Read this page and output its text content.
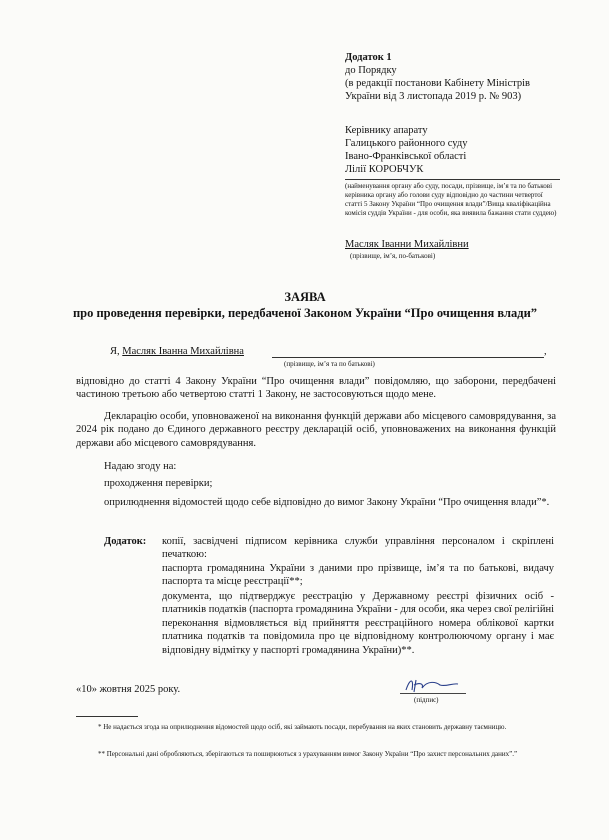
Додаток 1
до Порядку
(в редакції постанови Кабінету Міністрів
України від 3 листопада 2019 р. № 903)
Керівнику апарату
Галицького районного суду
Івано-Франківської області
Лілії КОРОБЧУК
(найменування органу або суду, посади, прізвище, ім’я та по батькові керівника органу або голови суду відповідно до частини четвертої статті 5 Закону України “Про очищення влади”/Вища кваліфікаційна комісія суддів України - для особи, яка виявила бажання стати суддею)
Масляк Іванни Михайлівни
(прізвище, ім’я, по-батькові)
ЗАЯВА
про проведення перевірки, передбаченої Законом України “Про очищення влади”
Я, Масляк Іванна Михайлівна	,
(прізвище, ім’я та по батькові)
відповідно до статті 4 Закону України “Про очищення влади” повідомляю, що заборони, передбачені частиною третьою або четвертою статті 1 Закону, не застосовуються щодо мене.
Декларацію особи, уповноваженої на виконання функцій держави або місцевого самоврядування, за 2024 рік подано до Єдиного державного реєстру декларацій осіб, уповноважених на виконання функцій держави або місцевого самоврядування.
Надаю згоду на:
проходження перевірки;
оприлюднення відомостей щодо себе відповідно до вимог Закону України “Про очищення влади”*.
Додаток: копії, засвідчені підписом керівника служби управління персоналом і скріплені печаткою:
паспорта громадянина України з даними про прізвище, ім’я та по батькові, видачу паспорта та місце реєстрації**;
документа, що підтверджує реєстрацію у Державному реєстрі фізичних осіб - платників податків (паспорта громадянина України - для особи, яка через свої релігійні переконання відмовляється від прийняття реєстраційного номера облікової картки платника податків та повідомила про це відповідному контролюючому органу і має відповідну відмітку у паспорті громадянина України)**.
«10» жовтня 2025 року.
(підпис)
* Не надається згода на оприлюднення відомостей щодо осіб, які займають посади, перебування на яких становить державну таємницю.
** Персональні дані обробляються, зберігаються та поширюються з урахуванням вимог Закону України “Про захист персональних даних”.”
